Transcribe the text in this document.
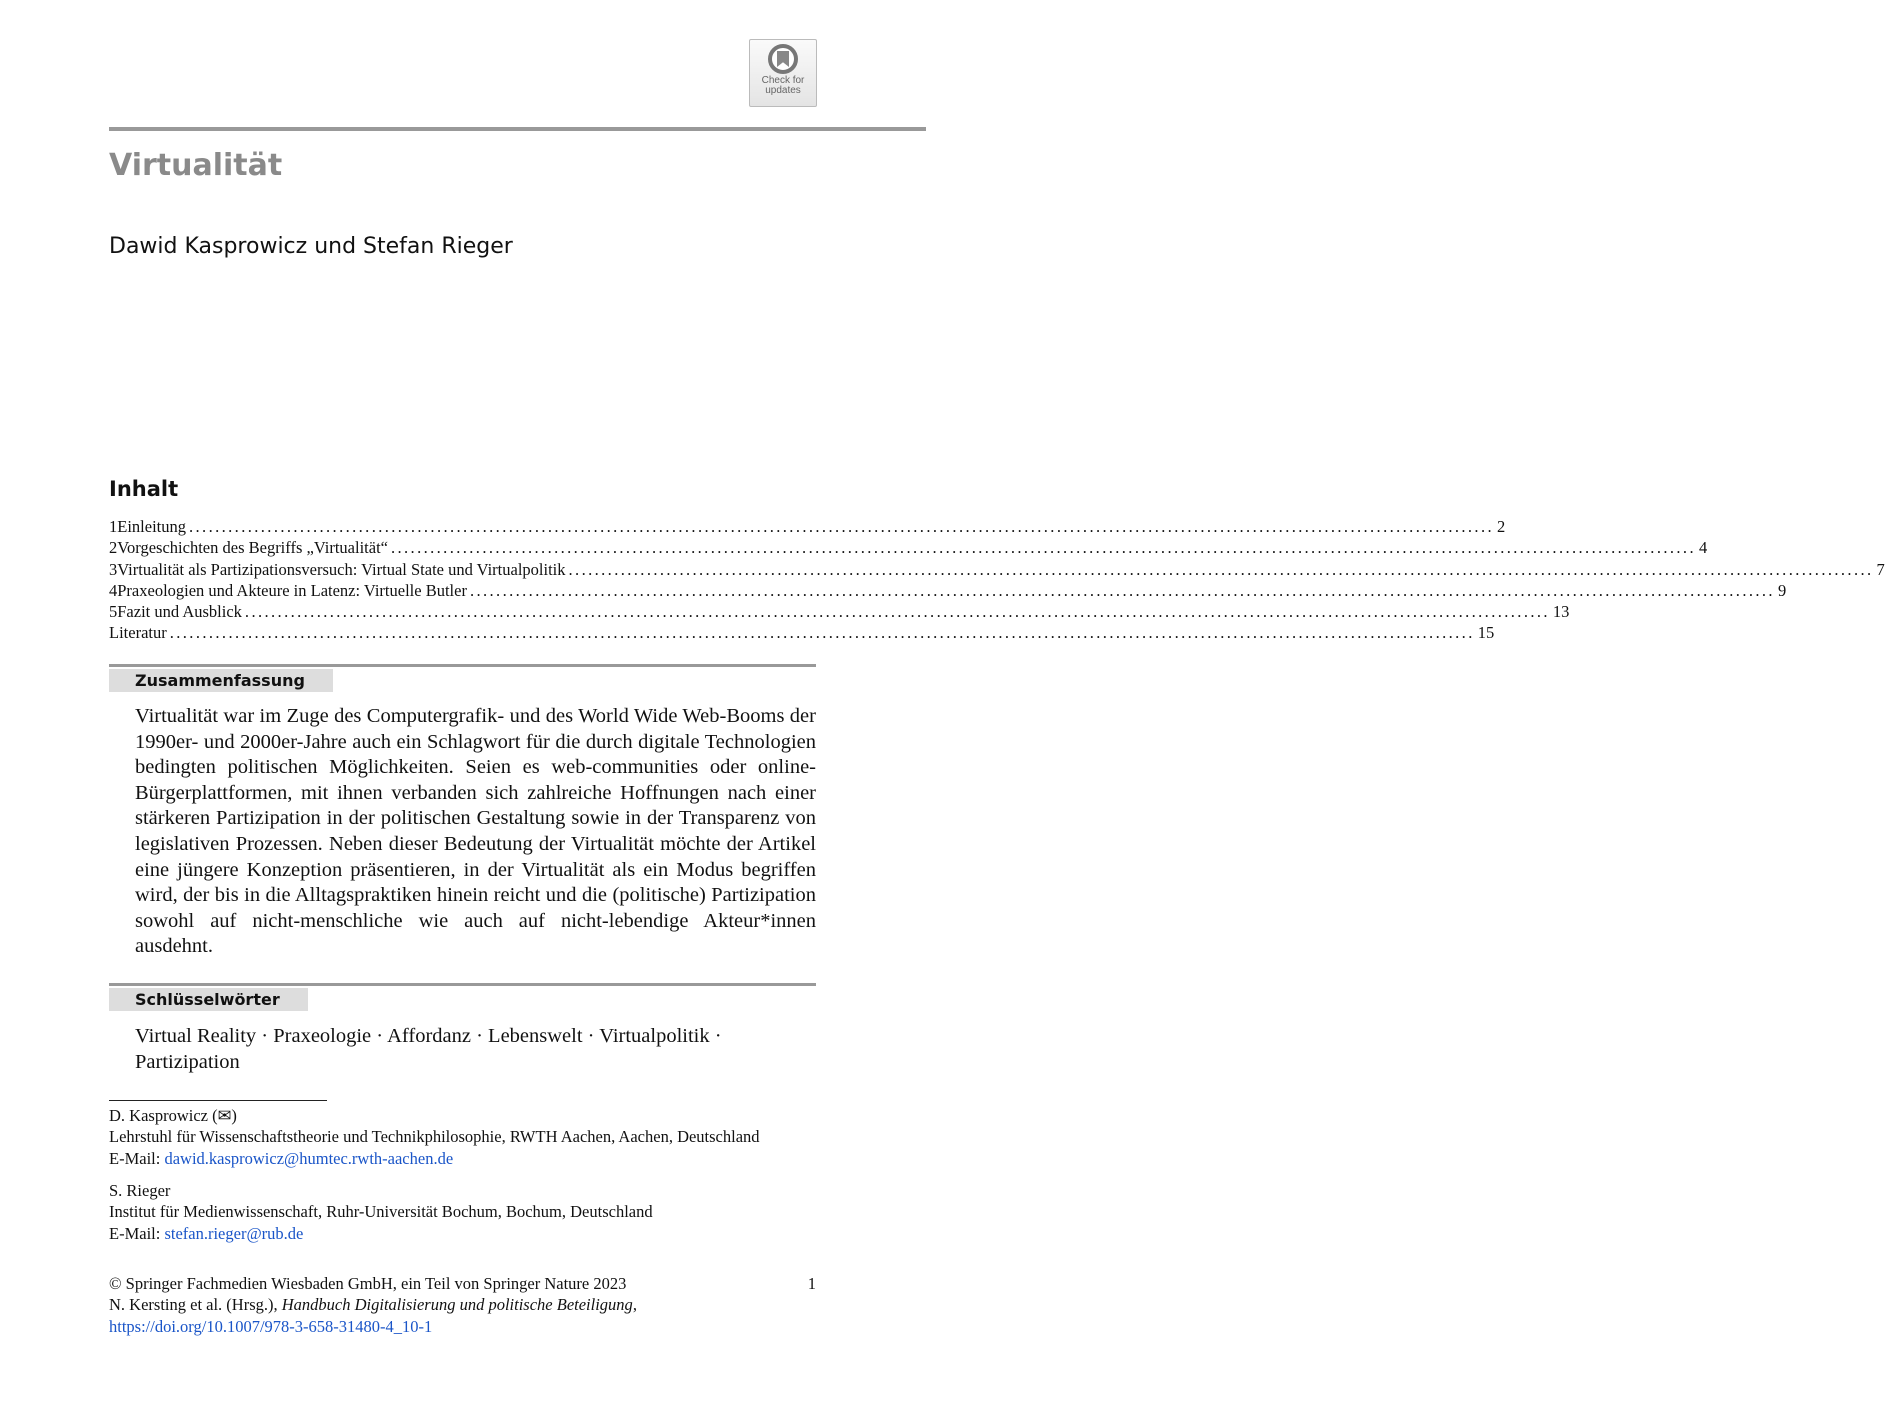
Check for
updates
Virtualität
Dawid Kasprowicz und Stefan Rieger
Inhalt
1 Einleitung ........................................................................................................................................................................................................ 2
2 Vorgeschichten des Begriffs „Virtualität“ ........................................................................................................................................................................................................ 4
3 Virtualität als Partizipationsversuch: Virtual State und Virtualpolitik ........................................................................................................................................................................................................ 7
4 Praxeologien und Akteure in Latenz: Virtuelle Butler ........................................................................................................................................................................................................ 9
5 Fazit und Ausblick ........................................................................................................................................................................................................ 13
Literatur ........................................................................................................................................................................................................ 15
Zusammenfassung
Virtualität war im Zuge des Computergrafik- und des World Wide Web-Booms der 1990er- und 2000er-Jahre auch ein Schlagwort für die durch digitale Technologien bedingten politischen Möglichkeiten. Seien es web-communities oder online-Bürgerplattformen, mit ihnen verbanden sich zahlreiche Hoffnungen nach einer stärkeren Partizipation in der politischen Gestaltung sowie in der Transparenz von legislativen Prozessen. Neben dieser Bedeutung der Virtualität möchte der Artikel eine jüngere Konzeption präsentieren, in der Virtualität als ein Modus begriffen wird, der bis in die Alltagspraktiken hinein reicht und die (politische) Partizipation sowohl auf nicht-menschliche wie auch auf nicht-lebendige Akteur*innen ausdehnt.
Schlüsselwörter
Virtual Reality · Praxeologie · Affordanz · Lebenswelt · Virtualpolitik · Partizipation
D. Kasprowicz (✉)
Lehrstuhl für Wissenschaftstheorie und Technikphilosophie, RWTH Aachen, Aachen, Deutschland
E-Mail: dawid.kasprowicz@humtec.rwth-aachen.de
S. Rieger
Institut für Medienwissenschaft, Ruhr-Universität Bochum, Bochum, Deutschland
E-Mail: stefan.rieger@rub.de
© Springer Fachmedien Wiesbaden GmbH, ein Teil von Springer Nature 2023	1
N. Kersting et al. (Hrsg.), Handbuch Digitalisierung und politische Beteiligung,
https://doi.org/10.1007/978-3-658-31480-4_10-1
